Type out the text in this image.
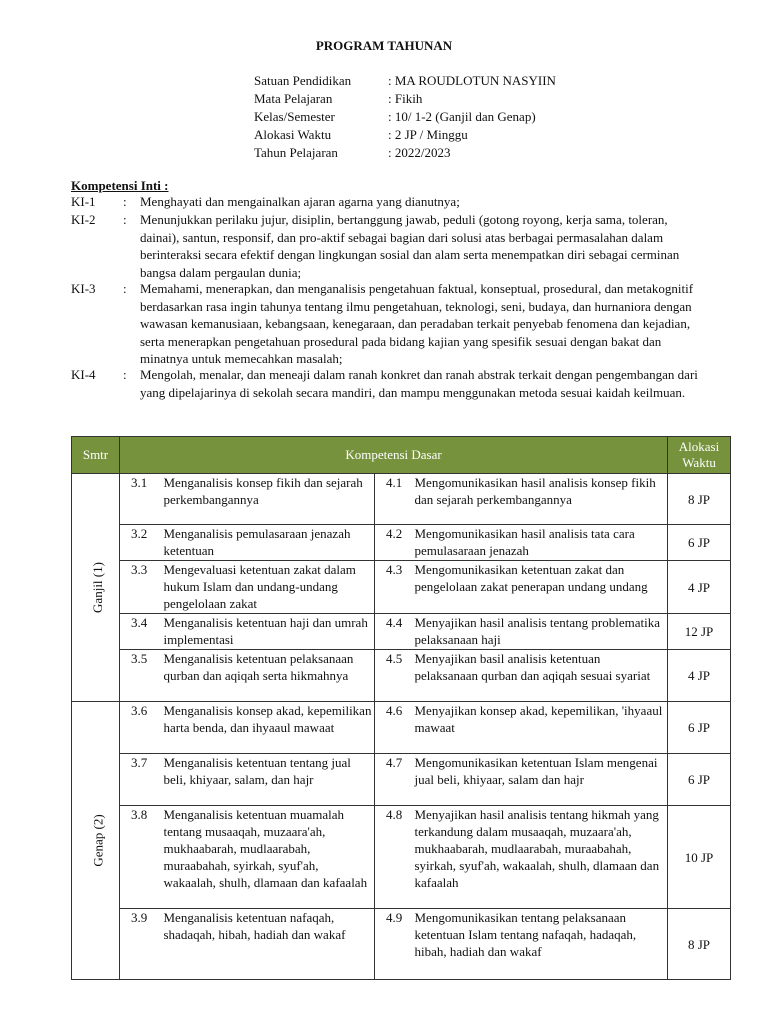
PROGRAM TAHUNAN
Satuan Pendidikan	: MA ROUDLOTUN NASYIIN
Mata Pelajaran	: Fikih
Kelas/Semester	: 10/ 1-2 (Ganjil dan Genap)
Alokasi Waktu	: 2 JP / Minggu
Tahun Pelajaran	: 2022/2023
Kompetensi Inti :
KI-1	:	Menghayati dan mengainalkan ajaran agarna yang dianutnya;
KI-2	:	Menunjukkan perilaku jujur, disiplin, bertanggung jawab, peduli (gotong royong, kerja sama, toleran, dainai), santun, responsif, dan pro-aktif sebagai bagian dari solusi atas berbagai permasalahan dalam berinteraksi secara efektif dengan lingkungan sosial dan alam serta menempatkan diri sebagai cerminan bangsa dalam pergaulan dunia;
KI-3	:	Memahami, menerapkan, dan menganalisis pengetahuan faktual, konseptual, prosedural, dan metakognitif berdasarkan rasa ingin tahunya tentang ilmu pengetahuan, teknologi, seni, budaya, dan hurnaniora dengan wawasan kemanusiaan, kebangsaan, kenegaraan, dan peradaban terkait penyebab fenomena dan kejadian, serta menerapkan pengetahuan prosedural pada bidang kajian yang spesifik sesuai dengan bakat dan minatnya untuk memecahkan masalah;
KI-4	:	Mengolah, menalar, dan meneaji dalam ranah konkret dan ranah abstrak terkait dengan pengembangan dari yang dipelajarinya di sekolah secara mandiri, dan mampu menggunakan metoda sesuai kaidah keilmuan.
Smtr	Kompetensi Dasar				Alokasi Waktu
Ganjil (1)	3.1	Menganalisis konsep fikih dan sejarah perkembangannya	4.1	Mengomunikasikan hasil analisis konsep fikih dan sejarah perkembangannya	8 JP
	3.2	Menganalisis pemulasaraan jenazah ketentuan	4.2	Mengomunikasikan hasil analisis tata cara pemulasaraan jenazah	6 JP
	3.3	Mengevaluasi ketentuan zakat dalam hukum Islam dan undang-undang pengelolaan zakat	4.3	Mengomunikasikan ketentuan zakat dan pengelolaan zakat penerapan undang undang	4 JP
	3.4	Menganalisis ketentuan haji dan umrah implementasi	4.4	Menyajikan hasil analisis tentang problematika pelaksanaan haji	12 JP
	3.5	Menganalisis ketentuan pelaksanaan qurban dan aqiqah serta hikmahnya	4.5	Menyajikan basil analisis ketentuan pelaksanaan qurban dan aqiqah sesuai syariat	4 JP
Genap (2)	3.6	Menganalisis konsep akad, kepemilikan harta benda, dan ihyaaul mawaat	4.6	Menyajikan konsep akad, kepemilikan, 'ihyaaul mawaat	6 JP
	3.7	Menganalisis ketentuan tentang jual beli, khiyaar, salam, dan hajr	4.7	Mengomunikasikan ketentuan Islam mengenai jual beli, khiyaar, salam dan hajr	6 JP
	3.8	Menganalisis ketentuan muamalah tentang musaaqah, muzaara'ah, mukhaabarah, mudlaarabah, muraabahah, syirkah, syuf'ah, wakaalah, shulh, dlamaan dan kafaalah	4.8	Menyajikan hasil analisis tentang hikmah yang terkandung dalam musaaqah, muzaara'ah, mukhaabarah, mudlaarabah, muraabahah, syirkah, syuf'ah, wakaalah, shulh, dlamaan dan kafaalah	10 JP
	3.9	Menganalisis ketentuan nafaqah, shadaqah, hibah, hadiah dan wakaf	4.9	Mengomunikasikan tentang pelaksanaan ketentuan Islam tentang nafaqah, hadaqah, hibah, hadiah dan wakaf	8 JP
